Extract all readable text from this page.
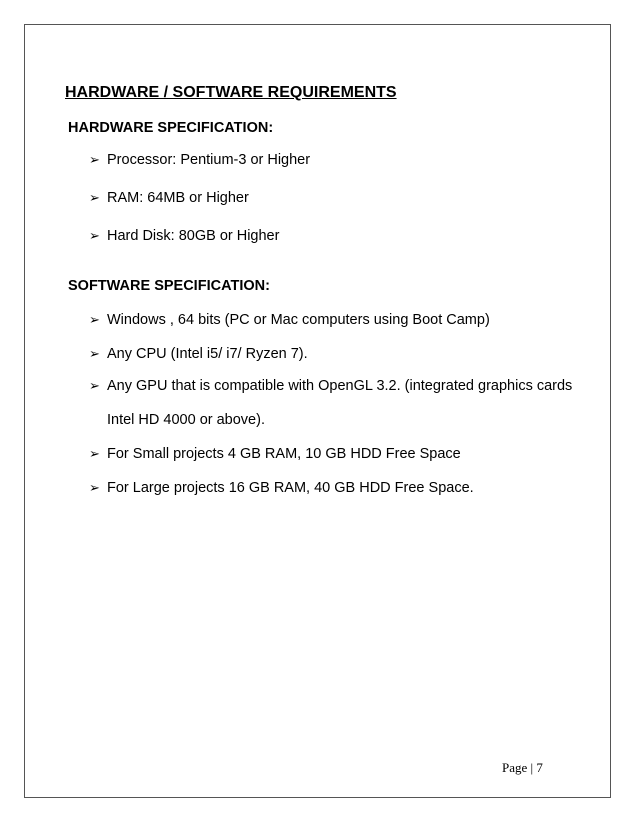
HARDWARE / SOFTWARE REQUIREMENTS
HARDWARE SPECIFICATION:
➢ Processor: Pentium-3 or Higher
➢ RAM: 64MB or Higher
➢ Hard Disk: 80GB or Higher
SOFTWARE SPECIFICATION:
➢ Windows , 64 bits (PC or Mac computers using Boot Camp)
➢ Any CPU (Intel i5/ i7/ Ryzen 7).
➢ Any GPU that is compatible with OpenGL 3.2. (integrated graphics cards
Intel HD 4000 or above).
➢ For Small projects 4 GB RAM, 10 GB HDD Free Space
➢ For Large projects 16 GB RAM, 40 GB HDD Free Space.
Page | 7
